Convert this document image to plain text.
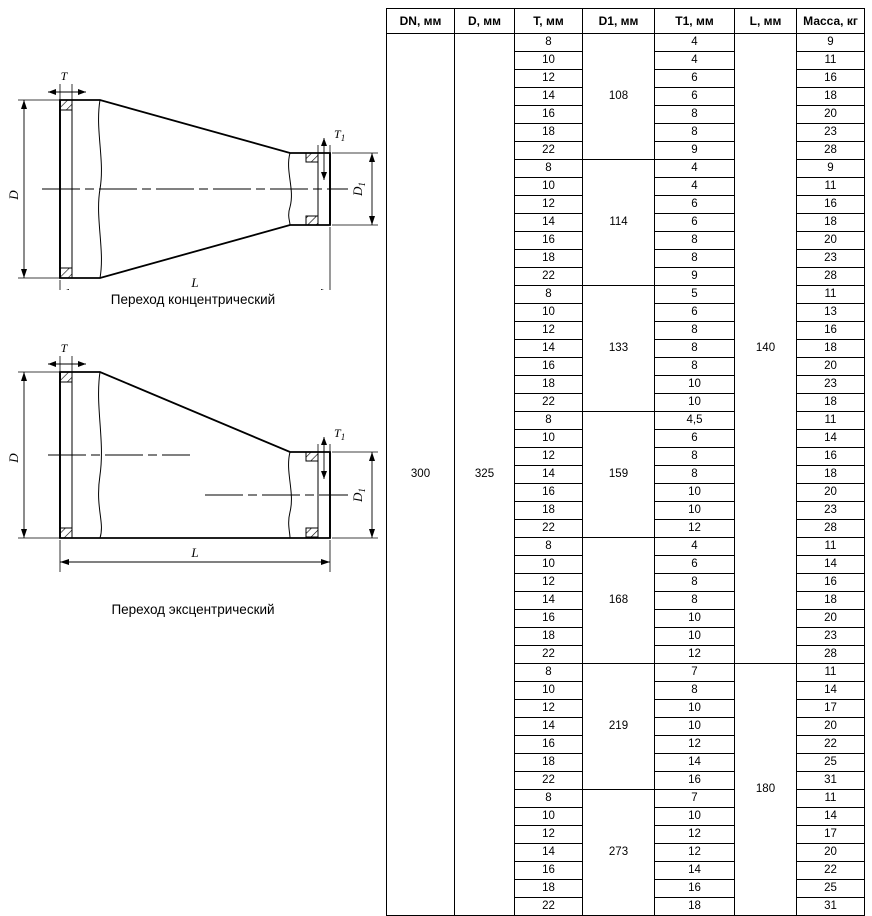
T
$T_1$
D	$D_1$
L
Переход концентрический
T
$T_1$
D
$D_1$
L
Переход эксцентрический
DN, мм	D, мм	T, мм	D1, мм	T1, мм	L, мм	Масса, кг
300	325	8	108	4	140	9
		10		4		11
		12		6		16
		14		6		18
		16		8		20
		18		8		23
		22		9		28
		8	114	4		9
		10		4		11
		12		6		16
		14		6		18
		16		8		20
		18		8		23
		22		9		28
		8	133	5		11
		10		6		13
		12		8		16
		14		8		18
		16		8		20
		18		10		23
		22		10		18
		8	159	4,5		11
		10		6		14
		12		8		16
		14		8		18
		16		10		20
		18		10		23
		22		12		28
		8	168	4		11
		10		6		14
		12		8		16
		14		8		18
		16		10		20
		18		10		23
		22		12		28
		8	219	7	180	11
		10		8		14
		12		10		17
		14		10		20
		16		12		22
		18		14		25
		22		16		31
		8	273	7		11
		10		10		14
		12		12		17
		14		12		20
		16		14		22
		18		16		25
		22		18		31
